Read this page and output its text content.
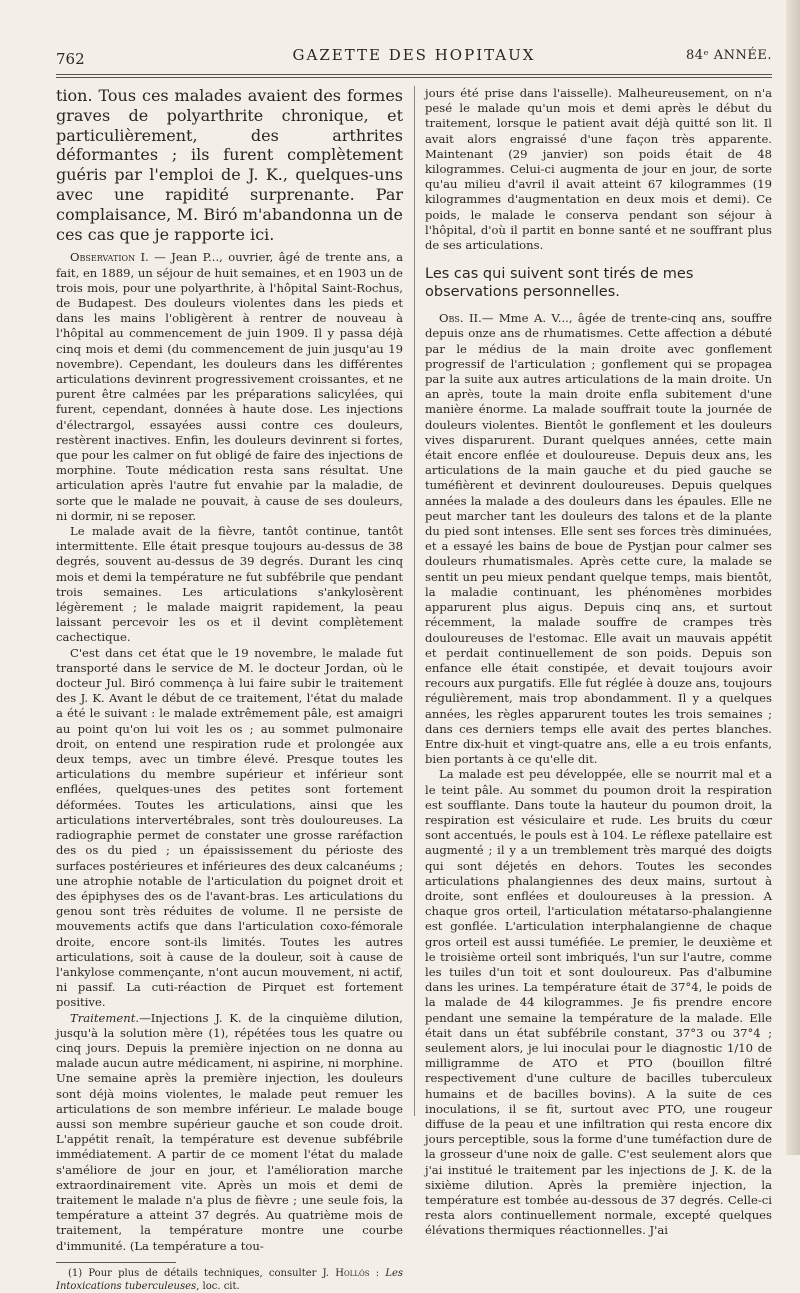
762	GAZETTE DES HOPITAUX	84ᵉ ANNÉE.

tion. Tous ces malades avaient des formes graves de polyarthrite chronique, et particulièrement, des arthrites déformantes ; ils furent complètement guéris par l'emploi de J. K., quelques-uns avec une rapidité surprenante. Par complaisance, M. Biró m'abandonna un de ces cas que je rapporte ici.

Observation I. — Jean P..., ouvrier, âgé de trente ans, a fait, en 1889, un séjour de huit semaines, et en 1903 un de trois mois, pour une polyarthrite, à l'hôpital Saint-Rochus, de Budapest. Des douleurs violentes dans les pieds et dans les mains l'obligèrent à rentrer de nouveau à l'hôpital au commencement de juin 1909. Il y passa déjà cinq mois et demi (du commencement de juin jusqu'au 19 novembre). Cependant, les douleurs dans les différentes articulations devinrent progressivement croissantes, et ne purent être calmées par les préparations salicylées, qui furent, cependant, données à haute dose. Les injections d'électrargol, essayées aussi contre ces douleurs, restèrent inactives. Enfin, les douleurs devinrent si fortes, que pour les calmer on fut obligé de faire des injections de morphine. Toute médication resta sans résultat. Une articulation après l'autre fut envahie par la maladie, de sorte que le malade ne pouvait, à cause de ses douleurs, ni dormir, ni se reposer.

Le malade avait de la fièvre, tantôt continue, tantôt intermittente. Elle était presque toujours au-dessus de 38 degrés, souvent au-dessus de 39 degrés. Durant les cinq mois et demi la température ne fut subfébrile que pendant trois semaines. Les articulations s'ankylosèrent légèrement ; le malade maigrit rapidement, la peau laissant percevoir les os et il devint complètement cachectique.

C'est dans cet état que le 19 novembre, le malade fut transporté dans le service de M. le docteur Jordan, où le docteur Jul. Biró commença à lui faire subir le traitement des J. K. Avant le début de ce traitement, l'état du malade a été le suivant : le malade extrêmement pâle, est amaigri au point qu'on lui voit les os ; au sommet pulmonaire droit, on entend une respiration rude et prolongée aux deux temps, avec un timbre élevé. Presque toutes les articulations du membre supérieur et inférieur sont enflées, quelques-unes des petites sont fortement déformées. Toutes les articulations, ainsi que les articulations intervertébrales, sont très douloureuses. La radiographie permet de constater une grosse raréfaction des os du pied ; un épaississement du périoste des surfaces postérieures et inférieures des deux calcanéums ; une atrophie notable de l'articulation du poignet droit et des épiphyses des os de l'avant-bras. Les articulations du genou sont très réduites de volume. Il ne persiste de mouvements actifs que dans l'articulation coxo-fémorale droite, encore sont-ils limités. Toutes les autres articulations, soit à cause de la douleur, soit à cause de l'ankylose commençante, n'ont aucun mouvement, ni actif, ni passif. La cuti-réaction de Pirquet est fortement positive.

Traitement.—Injections J. K. de la cinquième dilution, jusqu'à la solution mère (1), répétées tous les quatre ou cinq jours. Depuis la première injection on ne donna au malade aucun autre médicament, ni aspirine, ni morphine. Une semaine après la première injection, les douleurs sont déjà moins violentes, le malade peut remuer les articulations de son membre inférieur. Le malade bouge aussi son membre supérieur gauche et son coude droit. L'appétit renaît, la température est devenue subfébrile immédiatement. A partir de ce moment l'état du malade s'améliore de jour en jour, et l'amélioration marche extraordinairement vite. Après un mois et demi de traitement le malade n'a plus de fièvre ; une seule fois, la température a atteint 37 degrés. Au quatrième mois de traitement, la température montre une courbe d'immunité. (La température a tou-

(1) Pour plus de détails techniques, consulter J. Hollós : Les Intoxications tuberculeuses, loc. cit.

jours été prise dans l'aisselle). Malheureusement, on n'a pesé le malade qu'un mois et demi après le début du traitement, lorsque le patient avait déjà quitté son lit. Il avait alors engraissé d'une façon très apparente. Maintenant (29 janvier) son poids était de 48 kilogrammes. Celui-ci augmenta de jour en jour, de sorte qu'au milieu d'avril il avait atteint 67 kilogrammes (19 kilogrammes d'augmentation en deux mois et demi). Ce poids, le malade le conserva pendant son séjour à l'hôpital, d'où il partit en bonne santé et ne souffrant plus de ses articulations.

Les cas qui suivent sont tirés de mes observations personnelles.

Obs. II.— Mme A. V..., âgée de trente-cinq ans, souffre depuis onze ans de rhumatismes. Cette affection a débuté par le médius de la main droite avec gonflement progressif de l'articulation ; gonflement qui se propagea par la suite aux autres articulations de la main droite. Un an après, toute la main droite enfla subitement d'une manière énorme. La malade souffrait toute la journée de douleurs violentes. Bientôt le gonflement et les douleurs vives disparurent. Durant quelques années, cette main était encore enflée et douloureuse. Depuis deux ans, les articulations de la main gauche et du pied gauche se tuméfièrent et devinrent douloureuses. Depuis quelques années la malade a des douleurs dans les épaules. Elle ne peut marcher tant les douleurs des talons et de la plante du pied sont intenses. Elle sent ses forces très diminuées, et a essayé les bains de boue de Pystjan pour calmer ses douleurs rhumatismales. Après cette cure, la malade se sentit un peu mieux pendant quelque temps, mais bientôt, la maladie continuant, les phénomènes morbides apparurent plus aigus. Depuis cinq ans, et surtout récemment, la malade souffre de crampes très douloureuses de l'estomac. Elle avait un mauvais appétit et perdait continuellement de son poids. Depuis son enfance elle était constipée, et devait toujours avoir recours aux purgatifs. Elle fut réglée à douze ans, toujours régulièrement, mais trop abondamment. Il y a quelques années, les règles apparurent toutes les trois semaines ; dans ces derniers temps elle avait des pertes blanches. Entre dix-huit et vingt-quatre ans, elle a eu trois enfants, bien portants à ce qu'elle dit.

La malade est peu développée, elle se nourrit mal et a le teint pâle. Au sommet du poumon droit la respiration est soufflante. Dans toute la hauteur du poumon droit, la respiration est vésiculaire et rude. Les bruits du cœur sont accentués, le pouls est à 104. Le réflexe patellaire est augmenté ; il y a un tremblement très marqué des doigts qui sont déjetés en dehors. Toutes les secondes articulations phalangiennes des deux mains, surtout à droite, sont enflées et douloureuses à la pression. A chaque gros orteil, l'articulation métatarso-phalangienne est gonflée. L'articulation interphalangienne de chaque gros orteil est aussi tuméfiée. Le premier, le deuxième et le troisième orteil sont imbriqués, l'un sur l'autre, comme les tuiles d'un toit et sont douloureux. Pas d'albumine dans les urines. La température était de 37°4, le poids de la malade de 44 kilogrammes. Je fis prendre encore pendant une semaine la température de la malade. Elle était dans un état subfébrile constant, 37°3 ou 37°4 ; seulement alors, je lui inoculai pour le diagnostic 1/10 de milligramme de ATO et PTO (bouillon filtré respectivement d'une culture de bacilles tuberculeux humains et de bacilles bovins). A la suite de ces inoculations, il se fit, surtout avec PTO, une rougeur diffuse de la peau et une infiltration qui resta encore dix jours perceptible, sous la forme d'une tuméfaction dure de la grosseur d'une noix de galle. C'est seulement alors que j'ai institué le traitement par les injections de J. K. de la sixième dilution. Après la première injection, la température est tombée au-dessous de 37 degrés. Celle-ci resta alors continuellement normale, excepté quelques élévations thermiques réactionnelles. J'ai
